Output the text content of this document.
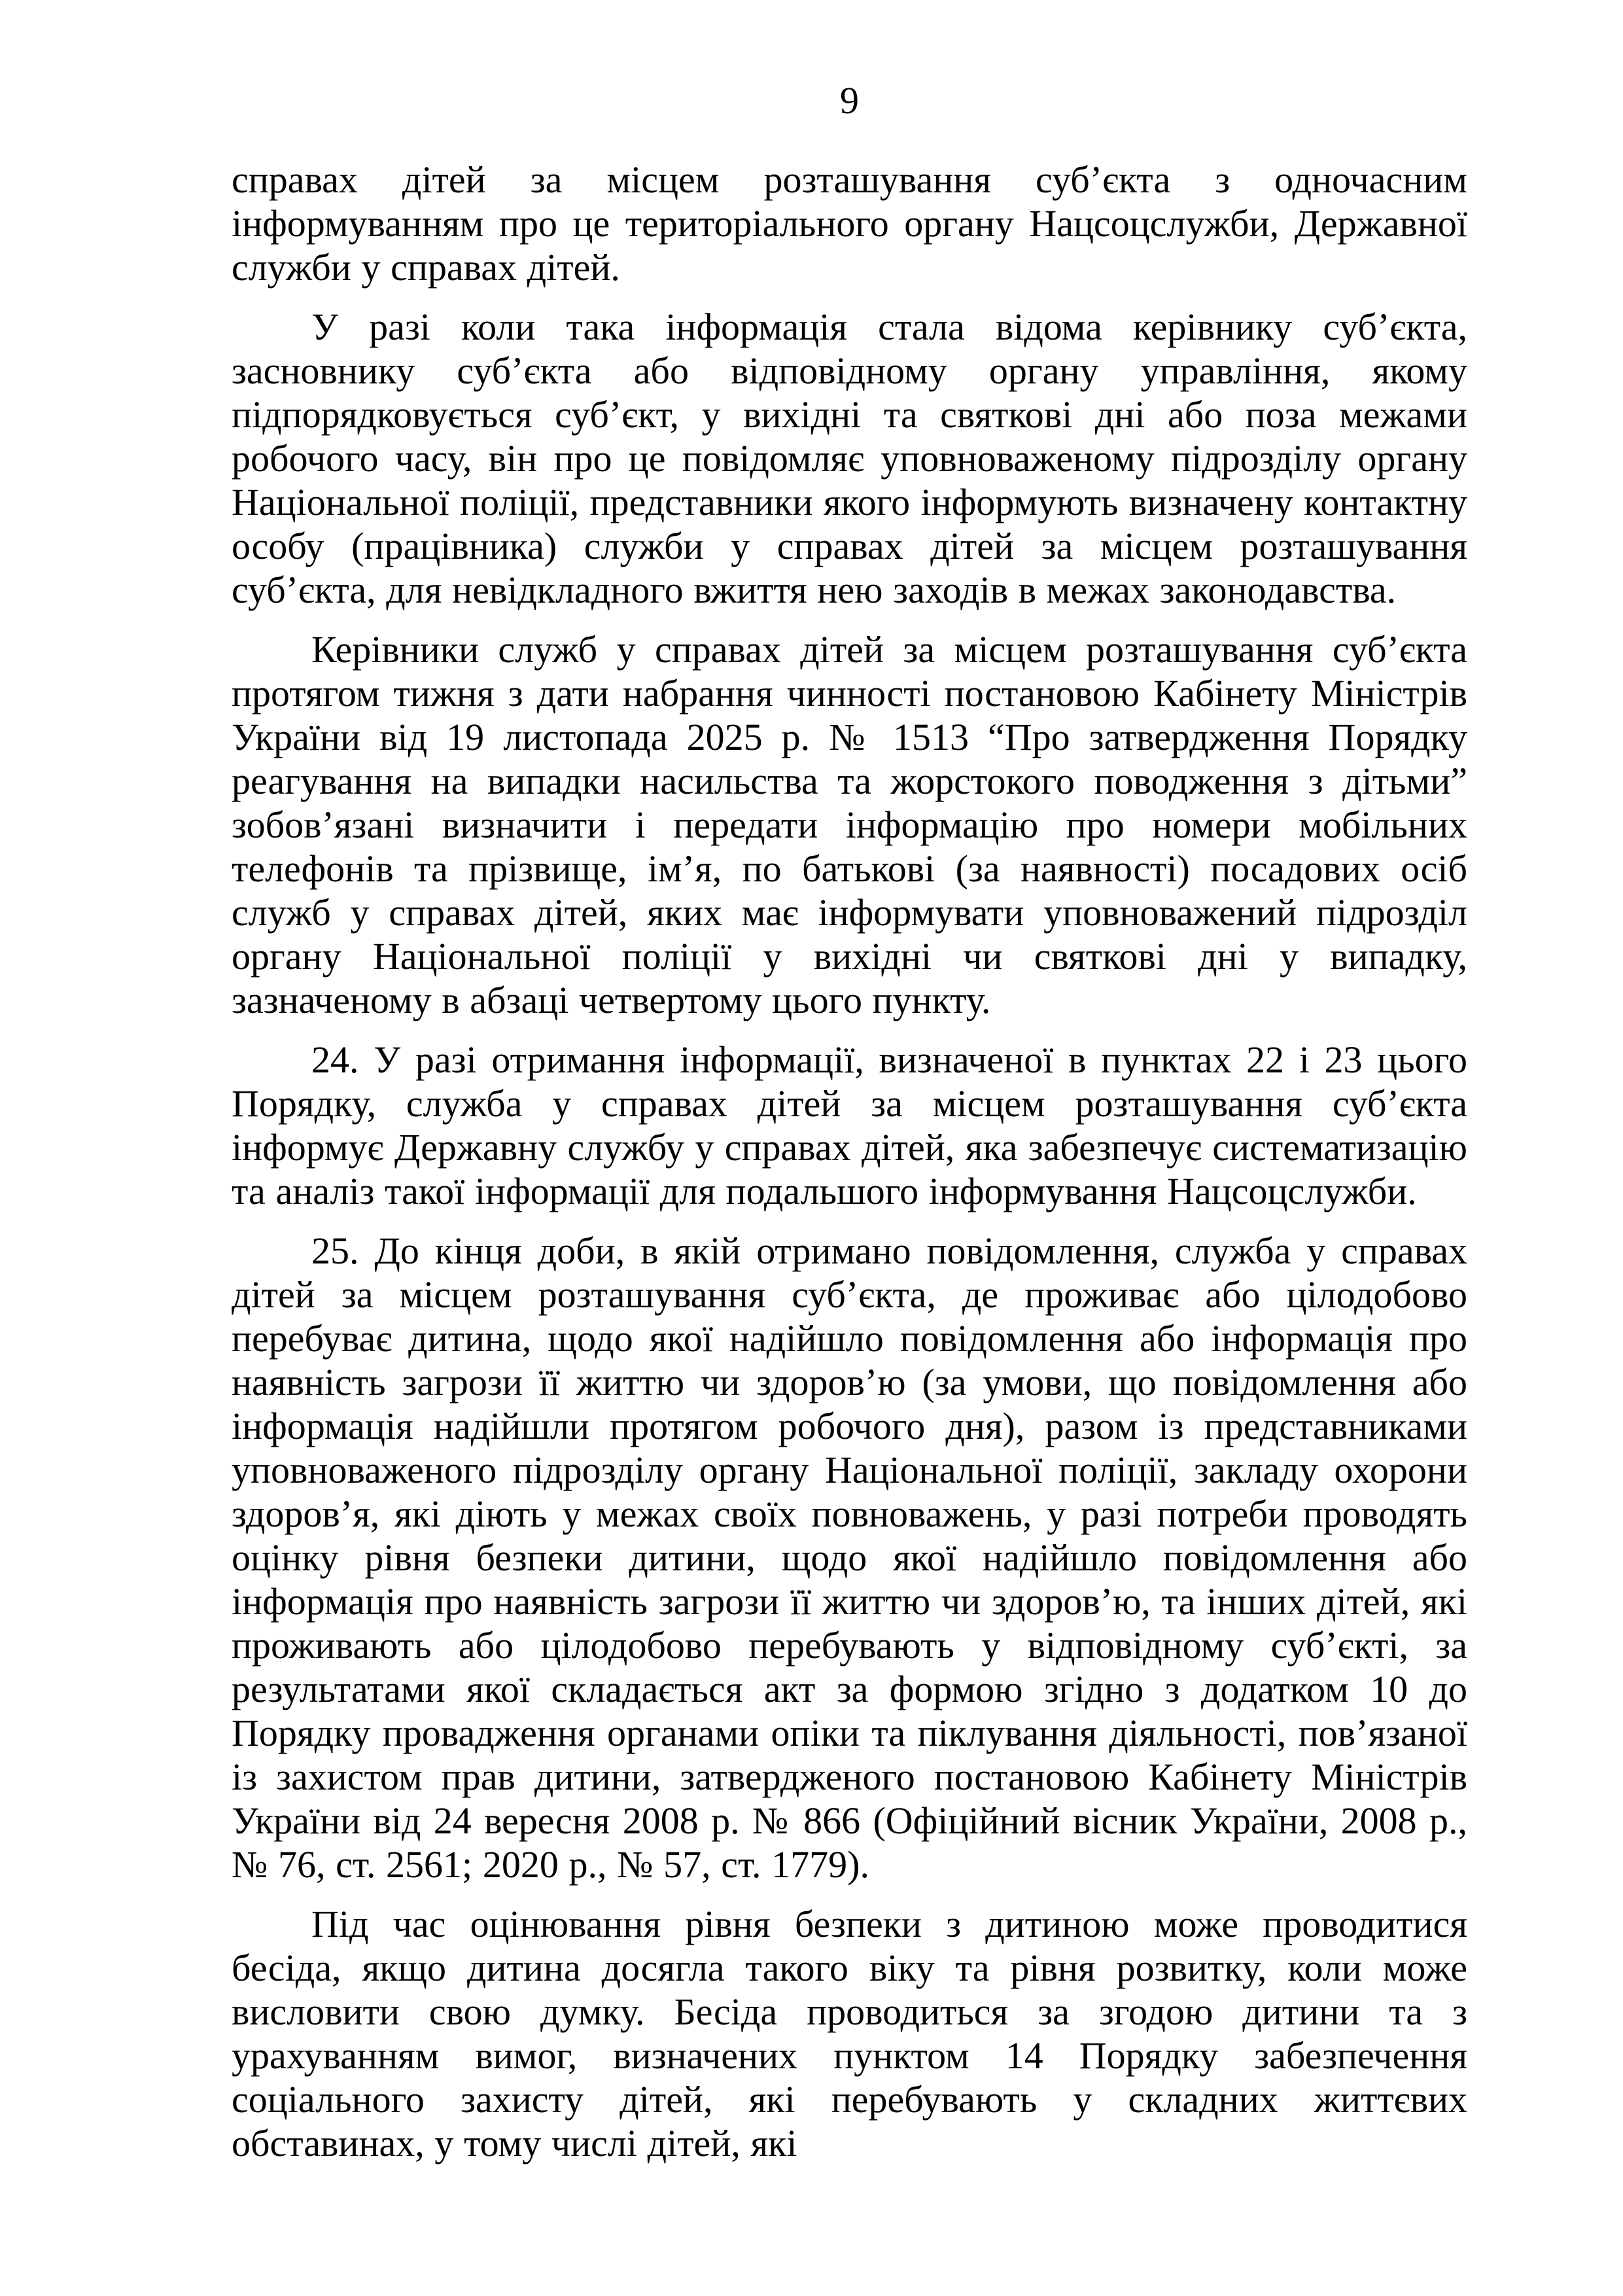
9

справах дітей за місцем розташування суб’єкта з одночасним інформуванням про це територіального органу Нацсоцслужби, Державної служби у справах дітей.

У разі коли така інформація стала відома керівнику суб’єкта, засновнику суб’єкта або відповідному органу управління, якому підпорядковується суб’єкт, у вихідні та святкові дні або поза межами робочого часу, він про це повідомляє уповноваженому підрозділу органу Національної поліції, представники якого інформують визначену контактну особу (працівника) служби у справах дітей за місцем розташування суб’єкта, для невідкладного вжиття нею заходів в межах законодавства.

Керівники служб у справах дітей за місцем розташування суб’єкта протягом тижня з дати набрання чинності постановою Кабінету Міністрів України від 19 листопада 2025 р. № 1513 “Про затвердження Порядку реагування на випадки насильства та жорстокого поводження з дітьми” зобов’язані визначити і передати інформацію про номери мобільних телефонів та прізвище, ім’я, по батькові (за наявності) посадових осіб служб у справах дітей, яких має інформувати уповноважений підрозділ органу Національної поліції у вихідні чи святкові дні у випадку, зазначеному в абзаці четвертому цього пункту.

24. У разі отримання інформації, визначеної в пунктах 22 і 23 цього Порядку, служба у справах дітей за місцем розташування суб’єкта інформує Державну службу у справах дітей, яка забезпечує систематизацію та аналіз такої інформації для подальшого інформування Нацсоцслужби.

25. До кінця доби, в якій отримано повідомлення, служба у справах дітей за місцем розташування суб’єкта, де проживає або цілодобово перебуває дитина, щодо якої надійшло повідомлення або інформація про наявність загрози її життю чи здоров’ю (за умови, що повідомлення або інформація надійшли протягом робочого дня), разом із представниками уповноваженого підрозділу органу Національної поліції, закладу охорони здоров’я, які діють у межах своїх повноважень, у разі потреби проводять оцінку рівня безпеки дитини, щодо якої надійшло повідомлення або інформація про наявність загрози її життю чи здоров’ю, та інших дітей, які проживають або цілодобово перебувають у відповідному суб’єкті, за результатами якої складається акт за формою згідно з додатком 10 до Порядку провадження органами опіки та піклування діяльності, пов’язаної із захистом прав дитини, затвердженого постановою Кабінету Міністрів України від 24 вересня 2008 р. № 866 (Офіційний вісник України, 2008 р., № 76, ст. 2561; 2020 р., № 57, ст. 1779).

Під час оцінювання рівня безпеки з дитиною може проводитися бесіда, якщо дитина досягла такого віку та рівня розвитку, коли може висловити свою думку. Бесіда проводиться за згодою дитини та з урахуванням вимог, визначених пунктом 14 Порядку забезпечення соціального захисту дітей, які перебувають у складних життєвих обставинах, у тому числі дітей, які
